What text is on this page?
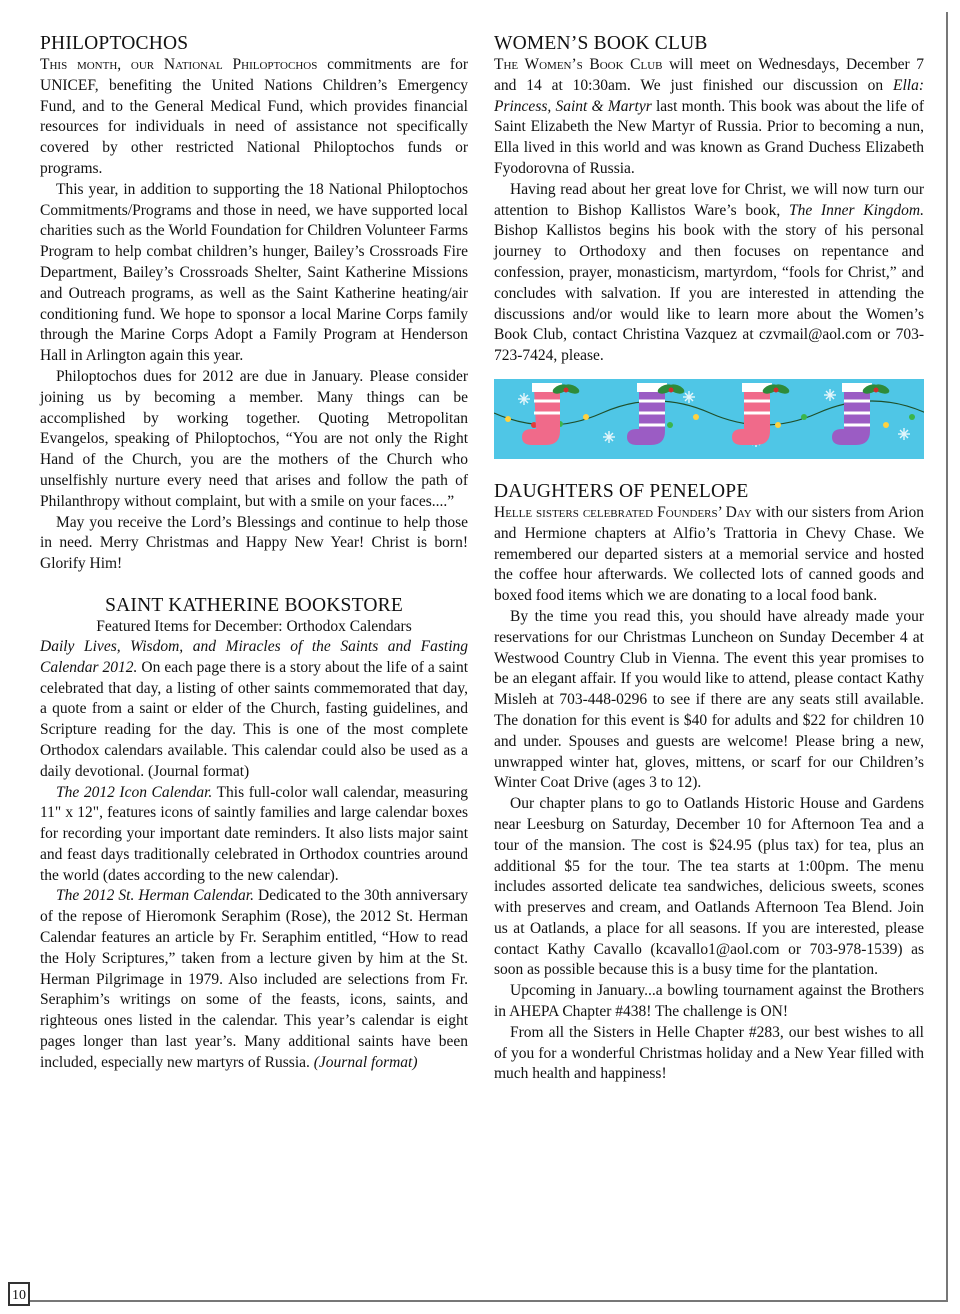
PHILOPTOCHOS

This month, our National Philoptochos commitments are for UNICEF, benefiting the United Nations Children’s Emergency Fund, and to the General Medical Fund, which provides financial resources for individuals in need of assistance not specifically covered by other restricted National Philoptochos funds or programs.

This year, in addition to supporting the 18 National Philoptochos Commitments/Programs and those in need, we have supported local charities such as the World Foundation for Children Volunteer Farms Program to help combat children’s hunger, Bailey’s Crossroads Fire Department, Bailey’s Crossroads Shelter, Saint Katherine Missions and Outreach programs, as well as the Saint Katherine heating/air conditioning fund. We hope to sponsor a local Marine Corps family through the Marine Corps Adopt a Family Program at Henderson Hall in Arlington again this year.

Philoptochos dues for 2012 are due in January. Please consider joining us by becoming a member. Many things can be accomplished by working together. Quoting Metropolitan Evangelos, speaking of Philoptochos, “You are not only the Right Hand of the Church, you are the mothers of the Church who unselfishly nurture every need that arises and follow the path of Philanthropy without complaint, but with a smile on your faces....”

May you receive the Lord’s Blessings and continue to help those in need. Merry Christmas and Happy New Year! Christ is born! Glorify Him!

SAINT KATHERINE BOOKSTORE
Featured Items for December: Orthodox Calendars

Daily Lives, Wisdom, and Miracles of the Saints and Fasting Calendar 2012. On each page there is a story about the life of a saint celebrated that day, a listing of other saints commemorated that day, a quote from a saint or elder of the Church, fasting guidelines, and Scripture reading for the day. This is one of the most complete Orthodox calendars available. This calendar could also be used as a daily devotional. (Journal format)

The 2012 Icon Calendar. This full-color wall calendar, measuring 11" x 12", features icons of saintly families and large calendar boxes for recording your important date reminders. It also lists major saint and feast days traditionally celebrated in Orthodox countries around the world (dates according to the new calendar).

The 2012 St. Herman Calendar. Dedicated to the 30th anniversary of the repose of Hieromonk Seraphim (Rose), the 2012 St. Herman Calendar features an article by Fr. Seraphim entitled, “How to read the Holy Scriptures,” taken from a lecture given by him at the St. Herman Pilgrimage in 1979. Also included are selections from Fr. Seraphim’s writings on some of the feasts, icons, saints, and righteous ones listed in the calendar. This year’s calendar is eight pages longer than last year’s. Many additional saints have been included, especially new martyrs of Russia. (Journal format)

WOMEN’S BOOK CLUB

The Women’s Book Club will meet on Wednesdays, December 7 and 14 at 10:30am. We just finished our discussion on Ella: Princess, Saint & Martyr last month. This book was about the life of Saint Elizabeth the New Martyr of Russia. Prior to becoming a nun, Ella lived in this world and was known as Grand Duchess Elizabeth Fyodorovna of Russia.

Having read about her great love for Christ, we will now turn our attention to Bishop Kallistos Ware’s book, The Inner Kingdom. Bishop Kallistos begins his book with the story of his personal journey to Orthodoxy and then focuses on repentance and confession, prayer, monasticism, martyrdom, “fools for Christ,” and concludes with salvation. If you are interested in attending the discussions and/or would like to learn more about the Women’s Book Club, contact Christina Vazquez at czvmail@aol.com or 703-723-7424, please.

DAUGHTERS OF PENELOPE

Helle sisters celebrated Founders’ Day with our sisters from Arion and Hermione chapters at Alfio’s Trattoria in Chevy Chase. We remembered our departed sisters at a memorial service and hosted the coffee hour afterwards. We collected lots of canned goods and boxed food items which we are donating to a local food bank.

By the time you read this, you should have already made your reservations for our Christmas Luncheon on Sunday December 4 at Westwood Country Club in Vienna. The event this year promises to be an elegant affair. If you would like to attend, please contact Kathy Misleh at 703-448-0296 to see if there are any seats still available. The donation for this event is $40 for adults and $22 for children 10 and under. Spouses and guests are welcome! Please bring a new, unwrapped winter hat, gloves, mittens, or scarf for our Children’s Winter Coat Drive (ages 3 to 12).

Our chapter plans to go to Oatlands Historic House and Gardens near Leesburg on Saturday, December 10 for Afternoon Tea and a tour of the mansion. The cost is $24.95 (plus tax) for tea, plus an additional $5 for the tour. The tea starts at 1:00pm. The menu includes assorted delicate tea sandwiches, delicious sweets, scones with preserves and cream, and Oatlands Afternoon Tea Blend. Join us at Oatlands, a place for all seasons. If you are interested, please contact Kathy Cavallo (kcavallo1@aol.com or 703-978-1539) as soon as possible because this is a busy time for the plantation.

Upcoming in January...a bowling tournament against the Brothers in AHEPA Chapter #438! The challenge is ON!

From all the Sisters in Helle Chapter #283, our best wishes to all of you for a wonderful Christmas holiday and a New Year filled with much health and happiness!

10
